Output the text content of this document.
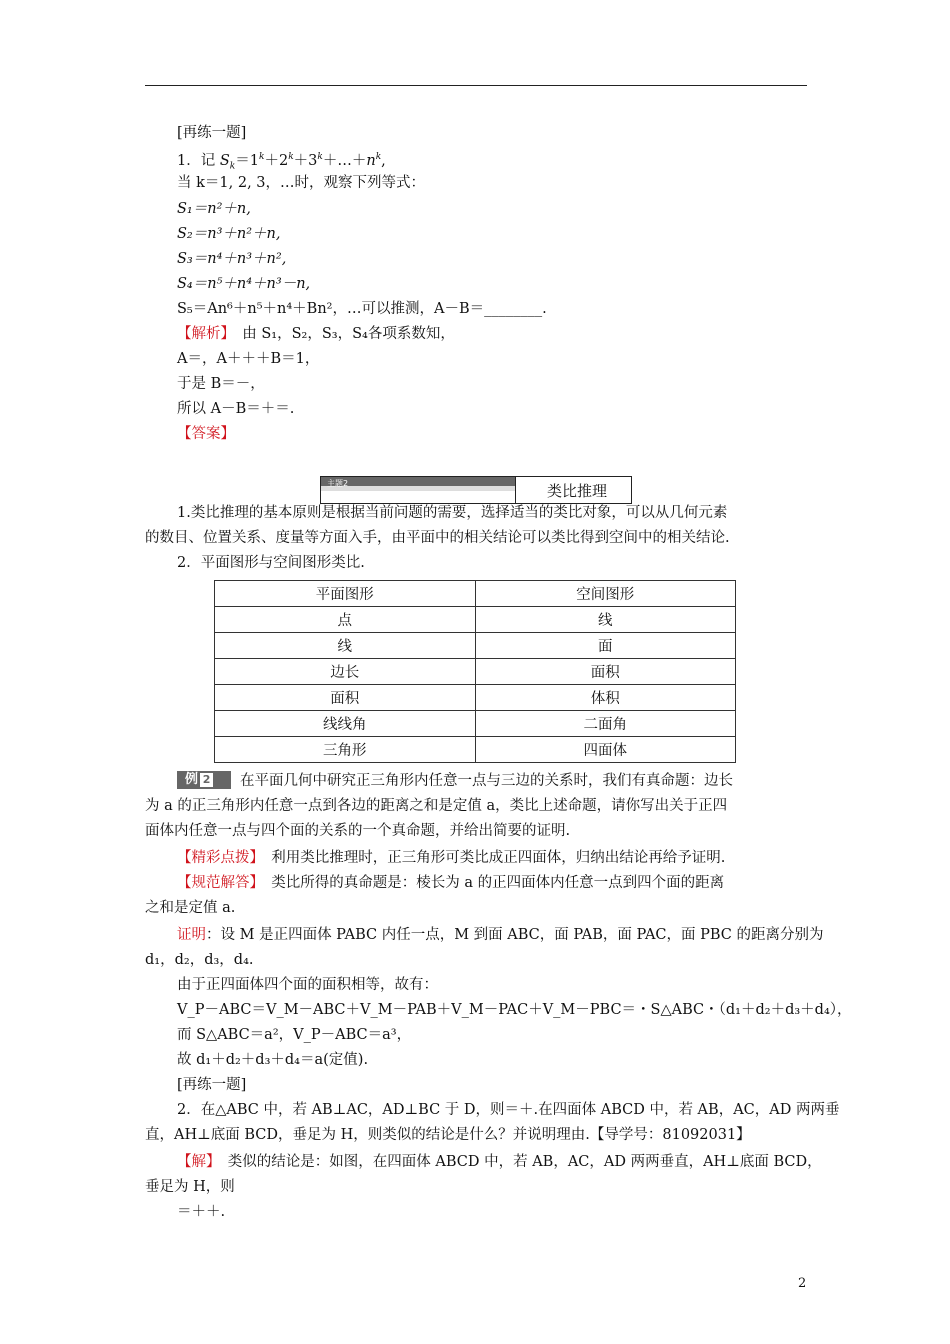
[再练一题]
1．记 $S_k=1^k+2^k+3^k+\dots+n^k$,
当 k＝1, 2, 3，…时，观察下列等式：
S₁＝n²＋n,
S₂＝n³＋n²＋n,
S₃＝n⁴＋n³＋n²,
S₄＝n⁵＋n⁴＋n³－n,
S₅＝An⁶＋n⁵＋n⁴＋Bn²，…可以推测，A－B＝________.
【解析】　由 S₁，S₂，S₃，S₄各项系数知，
A＝，A＋＋＋B＝1，
于是 B＝－，
所以 A－B＝＋＝.
【答案】
主题2	类比推理
1.类比推理的基本原则是根据当前问题的需要，选择适当的类比对象，可以从几何元素
的数目、位置关系、度量等方面入手，由平面中的相关结论可以类比得到空间中的相关结论.
2．平面图形与空间图形类比.
平面图形	空间图形
点	线
线	面
边长	面积
面积	体积
线线角	二面角
三角形	四面体
例 2	在平面几何中研究正三角形内任意一点与三边的关系时，我们有真命题：边长
为 a 的正三角形内任意一点到各边的距离之和是定值 a，类比上述命题，请你写出关于正四
面体内任意一点与四个面的关系的一个真命题，并给出简要的证明.
【精彩点拨】　利用类比推理时，正三角形可类比成正四面体，归纳出结论再给予证明.
【规范解答】　类比所得的真命题是：棱长为 a 的正四面体内任意一点到四个面的距离
之和是定值 a.
证明：设 M 是正四面体 PABC 内任一点，M 到面 ABC，面 PAB，面 PAC，面 PBC 的距离分别为
d₁，d₂，d₃，d₄.
由于正四面体四个面的面积相等，故有：
V_P－ABC＝V_M－ABC＋V_M－PAB＋V_M－PAC＋V_M－PBC＝・S△ABC・（d₁＋d₂＋d₃＋d₄），
而 S△ABC＝a²，V_P－ABC＝a³，
故 d₁＋d₂＋d₃＋d₄＝a(定值).
[再练一题]
2．在△ABC 中，若 AB⊥AC，AD⊥BC 于 D，则＝＋.在四面体 ABCD 中，若 AB，AC，AD 两两垂
直，AH⊥底面 BCD，垂足为 H，则类似的结论是什么？并说明理由.【导学号：81092031】
【解】　类似的结论是：如图，在四面体 ABCD 中，若 AB，AC，AD 两两垂直，AH⊥底面 BCD，
垂足为 H，则
＝＋＋.
2
